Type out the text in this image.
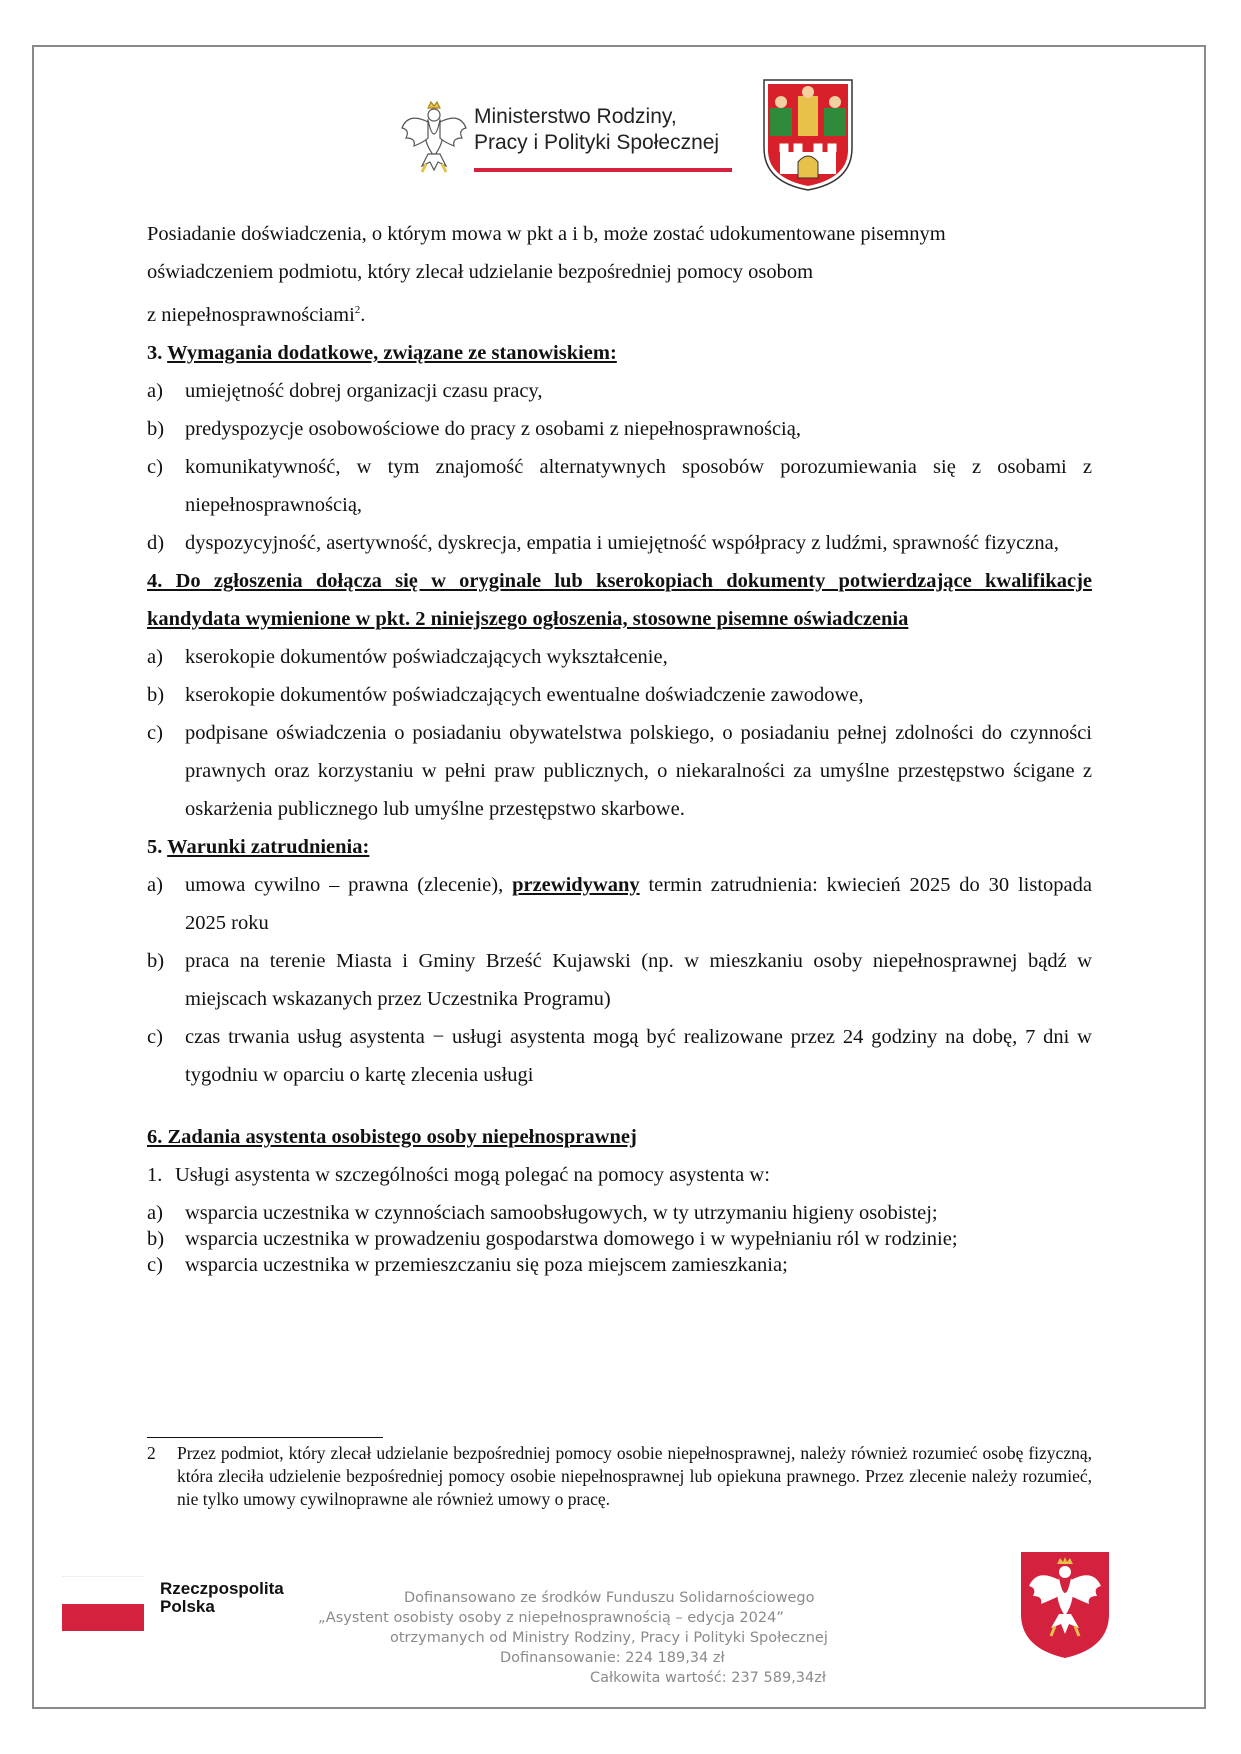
Ministerstwo Rodziny,
Pracy i Polityki Społecznej

Posiadanie doświadczenia, o którym mowa w pkt a i b, może zostać udokumentowane pisemnym

oświadczeniem podmiotu, który zlecał udzielanie bezpośredniej pomocy osobom

z niepełnosprawnościami$^2$.

3. Wymagania dodatkowe, związane ze stanowiskiem:

a)	umiejętność dobrej organizacji czasu pracy,
b)	predyspozycje osobowościowe do pracy z osobami z niepełnosprawnością,
c)	komunikatywność, w tym znajomość alternatywnych sposobów porozumiewania się z osobami z niepełnosprawnością,
d)	dyspozycyjność, asertywność, dyskrecja, empatia i umiejętność współpracy z ludźmi, sprawność fizyczna,

4. Do zgłoszenia dołącza się w oryginale lub kserokopiach dokumenty potwierdzające kwalifikacje kandydata wymienione w pkt. 2 niniejszego ogłoszenia, stosowne pisemne oświadczenia

a)	kserokopie dokumentów poświadczających wykształcenie,
b)	kserokopie dokumentów poświadczających ewentualne doświadczenie zawodowe,
c)	podpisane oświadczenia o posiadaniu obywatelstwa polskiego, o posiadaniu pełnej zdolności do czynności prawnych oraz korzystaniu w pełni praw publicznych, o niekaralności za umyślne przestępstwo ścigane z oskarżenia publicznego lub umyślne przestępstwo skarbowe.

5. Warunki zatrudnienia:

a)	umowa cywilno – prawna (zlecenie), przewidywany termin zatrudnienia: kwiecień 2025 do 30 listopada 2025 roku
b)	praca na terenie Miasta i Gminy Brześć Kujawski (np. w mieszkaniu osoby niepełnosprawnej bądź w miejscach wskazanych przez Uczestnika Programu)
c)	czas trwania usług asystenta − usługi asystenta mogą być realizowane przez 24 godziny na dobę, 7 dni w tygodniu w oparciu o kartę zlecenia usługi

6. Zadania asystenta osobistego osoby niepełnosprawnej

1. Usługi asystenta w szczególności mogą polegać na pomocy asystenta w:
a)	wsparcia uczestnika w czynnościach samoobsługowych, w ty utrzymaniu higieny osobistej;
b)	wsparcia uczestnika w prowadzeniu gospodarstwa domowego i w wypełnianiu ról w rodzinie;
c)	wsparcia uczestnika w przemieszczaniu się poza miejscem zamieszkania;
2	Przez podmiot, który zlecał udzielanie bezpośredniej pomocy osobie niepełnosprawnej, należy również rozumieć osobę fizyczną, która zleciła udzielenie bezpośredniej pomocy osobie niepełnosprawnej lub opiekuna prawnego. Przez zlecenie należy rozumieć, nie tylko umowy cywilnoprawne ale również umowy o pracę.
Rzeczpospolita
Polska	Dofinansowano ze środków Funduszu Solidarnościowego
„Asystent osobisty osoby z niepełnosprawnością – edycja 2024”
otrzymanych od Ministry Rodziny, Pracy i Polityki Społecznej
Dofinansowanie: 224 189,34 zł
Całkowita wartość: 237 589,34zł
